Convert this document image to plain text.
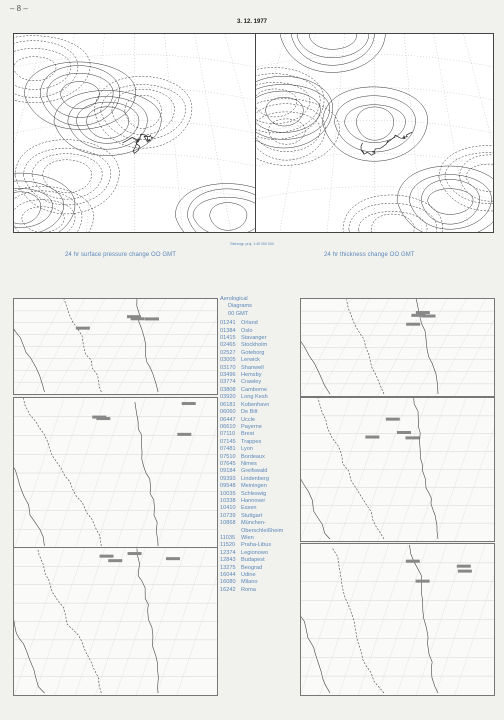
– 8 –
3. 12. 1977
Stereogr. proj. 1:40 000 000
24 hr surface pressure change OO GMT	24 hr thickness change OO GMT
Aerological
Diagrams
00 GMT
01241 Orland
01384 Oslo
01415 Stavanger
02465 Stockholm
02527 Goteborg
03005 Lerwick
03170 Shanwell
03496 Hemsby
03774 Crawley
03808 Camborne
03920 Long Kesh
06181 Kobenhavn
06060 De Bilt
06447 Uccle
06610 Payerne
07110	Brest
07145 Trappes
07481 Lyon
07510 Bordeaux
07645 Nimes
09184 Greifswald
09393 Lindenberg
09548 Meiningen
10035 Schleswig
10338 Hannover
10410 Essen
10739 Stuttgart
10868 München-
Oberschleißheim
11035	Wien
11520	Praha-Libus
12374 Legionowo
12843 Budapest
13275 Beograd
16044 Udine
16080 Milano
16242 Roma
